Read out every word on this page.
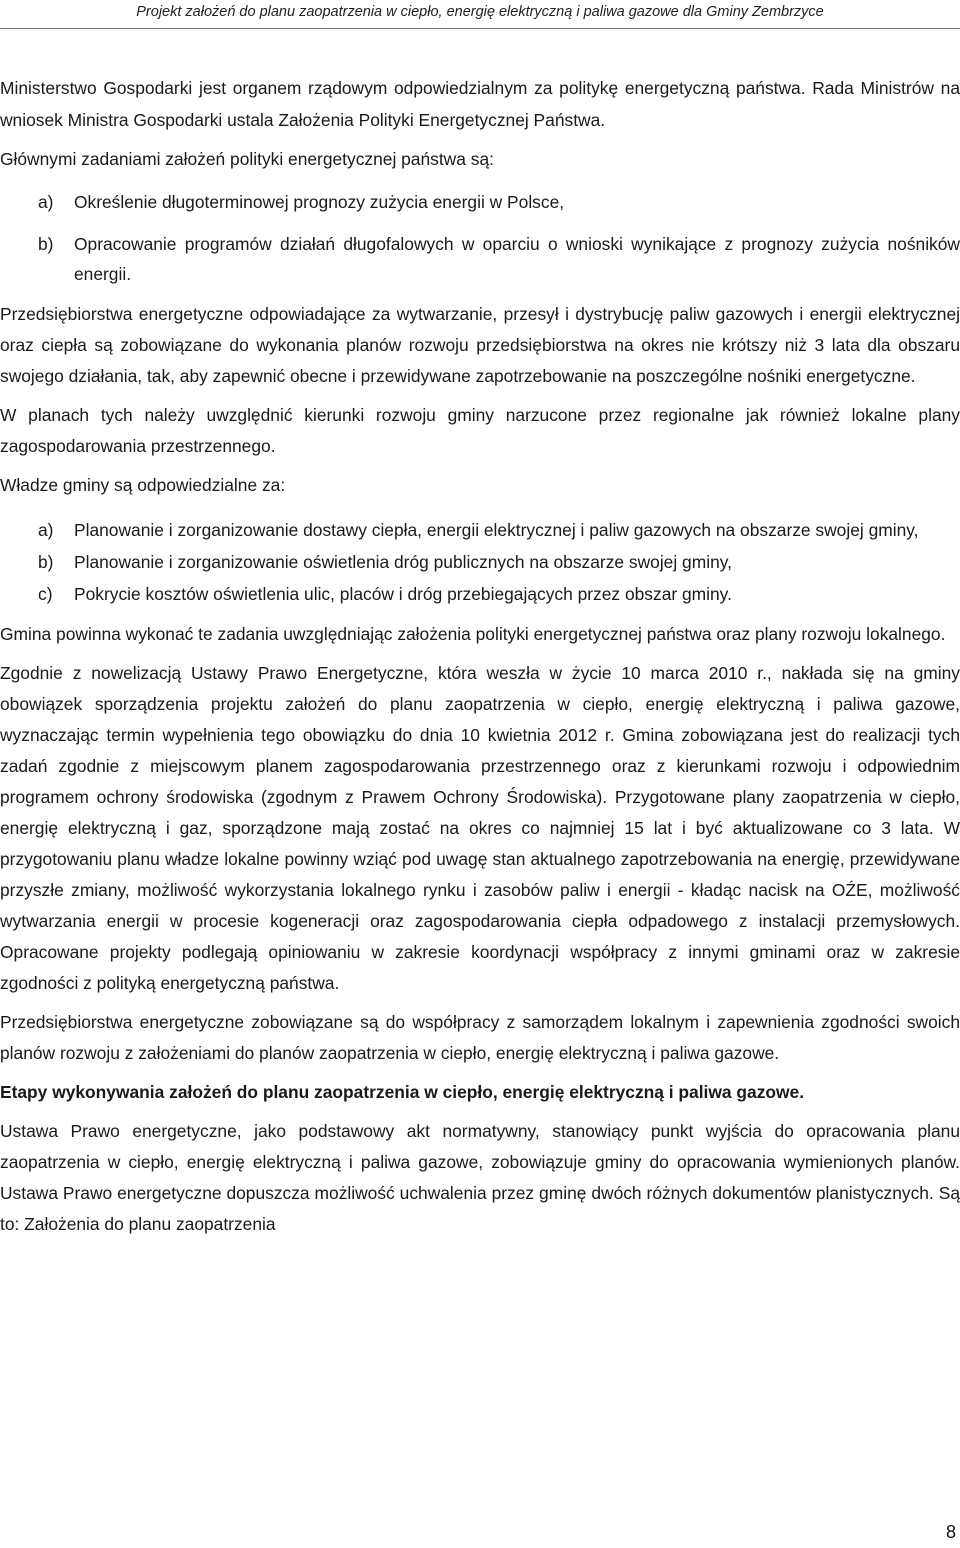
Projekt założeń do planu zaopatrzenia w ciepło, energię elektryczną i paliwa gazowe dla Gminy Zembrzyce

Ministerstwo Gospodarki jest organem rządowym odpowiedzialnym za politykę energetyczną państwa. Rada Ministrów na wniosek Ministra Gospodarki ustala Założenia Polityki Energetycznej Państwa.

Głównymi zadaniami założeń polityki energetycznej państwa są:

a) Określenie długoterminowej prognozy zużycia energii w Polsce,
b) Opracowanie programów działań długofalowych w oparciu o wnioski wynikające z prognozy zużycia nośników energii.

Przedsiębiorstwa energetyczne odpowiadające za wytwarzanie, przesył i dystrybucję paliw gazowych i energii elektrycznej oraz ciepła są zobowiązane do wykonania planów rozwoju przedsiębiorstwa na okres nie krótszy niż 3 lata dla obszaru swojego działania, tak, aby zapewnić obecne i przewidywane zapotrzebowanie na poszczególne nośniki energetyczne.

W planach tych należy uwzględnić kierunki rozwoju gminy narzucone przez regionalne jak również lokalne plany zagospodarowania przestrzennego.

Władze gminy są odpowiedzialne za:

a) Planowanie i zorganizowanie dostawy ciepła, energii elektrycznej i paliw gazowych na obszarze swojej gminy,
b) Planowanie i zorganizowanie oświetlenia dróg publicznych na obszarze swojej gminy,
c) Pokrycie kosztów oświetlenia ulic, placów i dróg przebiegających przez obszar gminy.

Gmina powinna wykonać te zadania uwzględniając założenia polityki energetycznej państwa oraz plany rozwoju lokalnego.

Zgodnie z nowelizacją Ustawy Prawo Energetyczne, która weszła w życie 10 marca 2010 r., nakłada się na gminy obowiązek sporządzenia projektu założeń do planu zaopatrzenia w ciepło, energię elektryczną i paliwa gazowe, wyznaczając termin wypełnienia tego obowiązku do dnia 10 kwietnia 2012 r. Gmina zobowiązana jest do realizacji tych zadań zgodnie z miejscowym planem zagospodarowania przestrzennego oraz z kierunkami rozwoju i odpowiednim programem ochrony środowiska (zgodnym z Prawem Ochrony Środowiska). Przygotowane plany zaopatrzenia w ciepło, energię elektryczną i gaz, sporządzone mają zostać na okres co najmniej 15 lat i być aktualizowane co 3 lata. W przygotowaniu planu władze lokalne powinny wziąć pod uwagę stan aktualnego zapotrzebowania na energię, przewidywane przyszłe zmiany, możliwość wykorzystania lokalnego rynku i zasobów paliw i energii - kładąc nacisk na OŹE, możliwość wytwarzania energii w procesie kogeneracji oraz zagospodarowania ciepła odpadowego z instalacji przemysłowych. Opracowane projekty podlegają opiniowaniu w zakresie koordynacji współpracy z innymi gminami oraz w zakresie zgodności z polityką energetyczną państwa.

Przedsiębiorstwa energetyczne zobowiązane są do współpracy z samorządem lokalnym i zapewnienia zgodności swoich planów rozwoju z założeniami do planów zaopatrzenia w ciepło, energię elektryczną i paliwa gazowe.

Etapy wykonywania założeń do planu zaopatrzenia w ciepło, energię elektryczną i paliwa gazowe.

Ustawa Prawo energetyczne, jako podstawowy akt normatywny, stanowiący punkt wyjścia do opracowania planu zaopatrzenia w ciepło, energię elektryczną i paliwa gazowe, zobowiązuje gminy do opracowania wymienionych planów. Ustawa Prawo energetyczne dopuszcza możliwość uchwalenia przez gminę dwóch różnych dokumentów planistycznych. Są to: Założenia do planu zaopatrzenia

8
